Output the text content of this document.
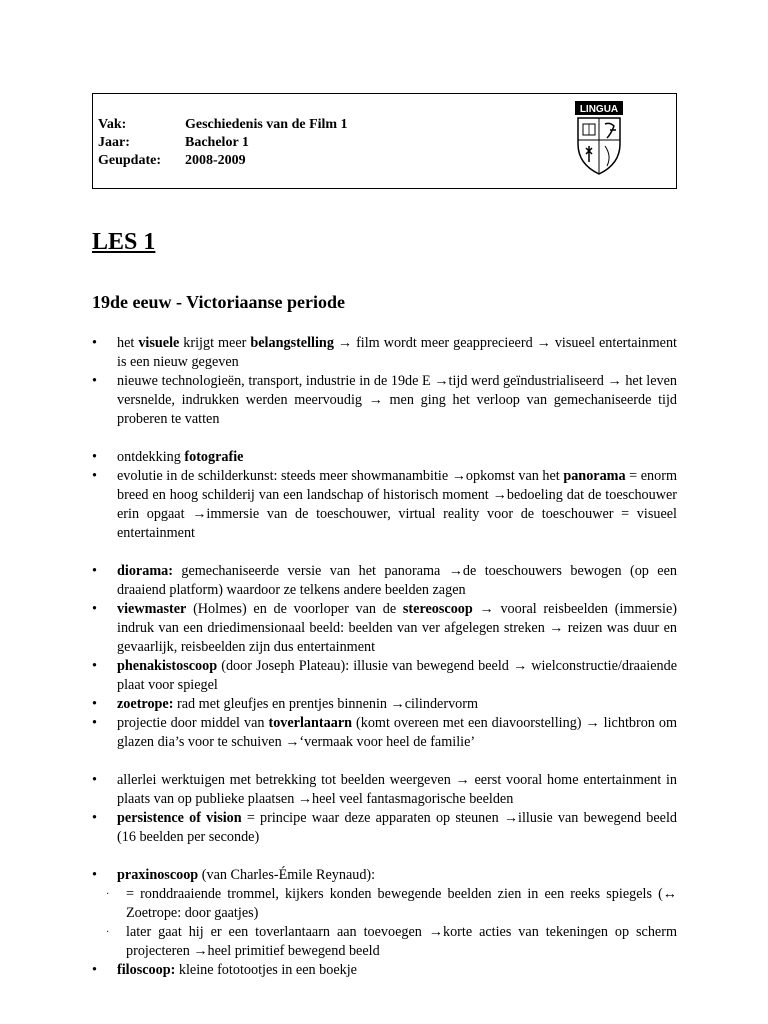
Vak:	Geschiedenis van de Film 1
Jaar:	Bachelor 1
Geupdate: 2008-2009
LINGUA
LES 1
19de eeuw - Victoriaanse periode
• het visuele krijgt meer belangstelling → film wordt meer geapprecieerd → visueel entertainment is een nieuw gegeven
• nieuwe technologieën, transport, industrie in de 19de E →tijd werd geïndustrialiseerd → het leven versnelde, indrukken werden meervoudig → men ging het verloop van gemechaniseerde tijd proberen te vatten
• ontdekking fotografie
• evolutie in de schilderkunst: steeds meer showmanambitie →opkomst van het panorama = enorm breed en hoog schilderij van een landschap of historisch moment →bedoeling dat de toeschouwer erin opgaat →immersie van de toeschouwer, virtual reality voor de toeschouwer = visueel entertainment
• diorama: gemechaniseerde versie van het panorama →de toeschouwers bewogen (op een draaiend platform) waardoor ze telkens andere beelden zagen
• viewmaster (Holmes) en de voorloper van de stereoscoop → vooral reisbeelden (immersie) indruk van een driedimensionaal beeld: beelden van ver afgelegen streken → reizen was duur en gevaarlijk, reisbeelden zijn dus entertainment
• phenakistoscoop (door Joseph Plateau): illusie van bewegend beeld → wielconstructie/draaiende plaat voor spiegel
• zoetrope: rad met gleufjes en prentjes binnenin →cilindervorm
• projectie door middel van toverlantaarn (komt overeen met een diavoorstelling) → lichtbron om glazen dia’s voor te schuiven →‘vermaak voor heel de familie’
• allerlei werktuigen met betrekking tot beelden weergeven → eerst vooral home entertainment in plaats van op publieke plaatsen →heel veel fantasmagorische beelden
• persistence of vision = principe waar deze apparaten op steunen →illusie van bewegend beeld (16 beelden per seconde)
• praxinoscoop (van Charles-Émile Reynaud):
· = ronddraaiende trommel, kijkers konden bewegende beelden zien in een reeks spiegels (↔ Zoetrope: door gaatjes)
· later gaat hij er een toverlantaarn aan toevoegen →korte acties van tekeningen op scherm projecteren →heel primitief bewegend beeld
• filoscoop: kleine fototootjes in een boekje
